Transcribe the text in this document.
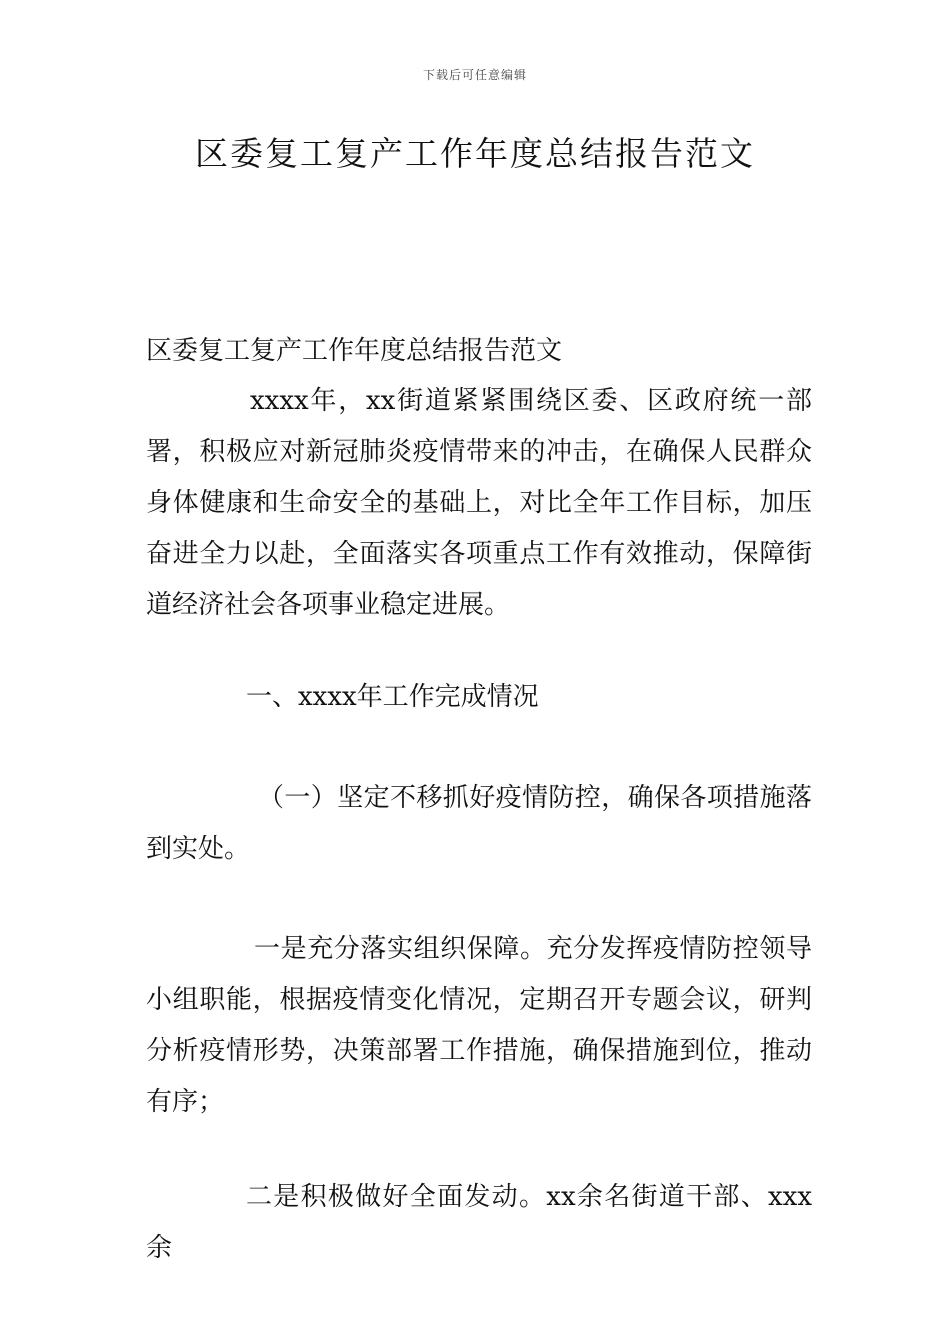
下载后可任意编辑
区委复工复产工作年度总结报告范文

区委复工复产工作年度总结报告范文

xxxx年，xx街道紧紧围绕区委、区政府统一部署，积极应对新冠肺炎疫情带来的冲击，在确保人民群众身体健康和生命安全的基础上，对比全年工作目标，加压奋进全力以赴，全面落实各项重点工作有效推动，保障街道经济社会各项事业稳定进展。

一、xxxx年工作完成情况

（一）坚定不移抓好疫情防控，确保各项措施落到实处。

一是充分落实组织保障。充分发挥疫情防控领导小组职能，根据疫情变化情况，定期召开专题会议，研判分析疫情形势，决策部署工作措施，确保措施到位，推动有序；

二是积极做好全面发动。xx余名街道干部、xxx余
